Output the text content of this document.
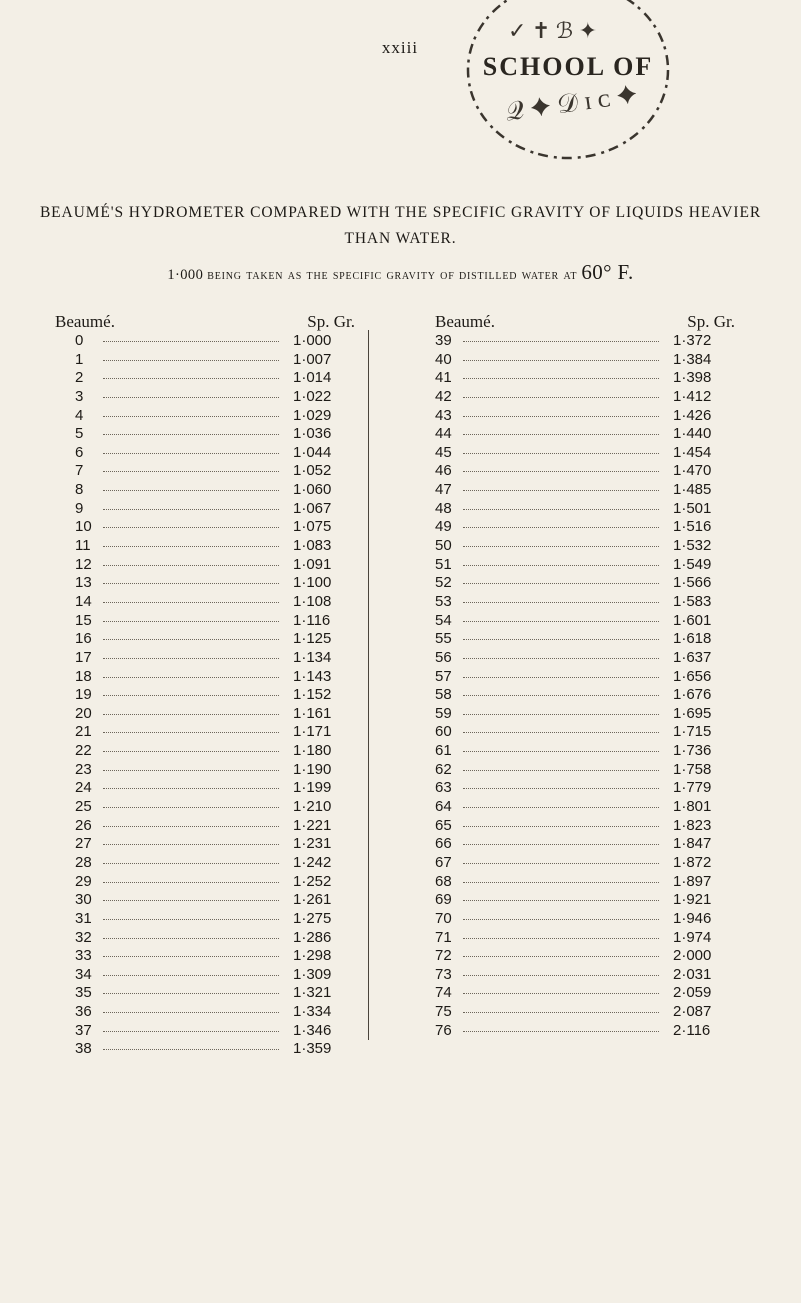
xxiii
✓ ✝ ℬ ✦
𝒬 ✦ 𝒟 ɪ ᴄ ✦
SCHOOL OF
BEAUMÉ'S HYDROMETER COMPARED WITH THE SPECIFIC GRAVITY OF LIQUIDS HEAVIER THAN WATER.
1·000 being taken as the specific gravity of distilled water at 60° F.
Beaumé.	Sp. Gr.
0	1·000
1	1·007
2	1·014
3	1·022
4	1·029
5	1·036
6	1·044
7	1·052
8	1·060
9	1·067
10	1·075
11	1·083
12	1·091
13	1·100
14	1·108
15	1·116
16	1·125
17	1·134
18	1·143
19	1·152
20	1·161
21	1·171
22	1·180
23	1·190
24	1·199
25	1·210
26	1·221
27	1·231
28	1·242
29	1·252
30	1·261
31	1·275
32	1·286
33	1·298
34	1·309
35	1·321
36	1·334
37	1·346
38	1·359
Beaumé.	Sp. Gr.
39	1·372
40	1·384
41	1·398
42	1·412
43	1·426
44	1·440
45	1·454
46	1·470
47	1·485
48	1·501
49	1·516
50	1·532
51	1·549
52	1·566
53	1·583
54	1·601
55	1·618
56	1·637
57	1·656
58	1·676
59	1·695
60	1·715
61	1·736
62	1·758
63	1·779
64	1·801
65	1·823
66	1·847
67	1·872
68	1·897
69	1·921
70	1·946
71	1·974
72	2·000
73	2·031
74	2·059
75	2·087
76	2·116
